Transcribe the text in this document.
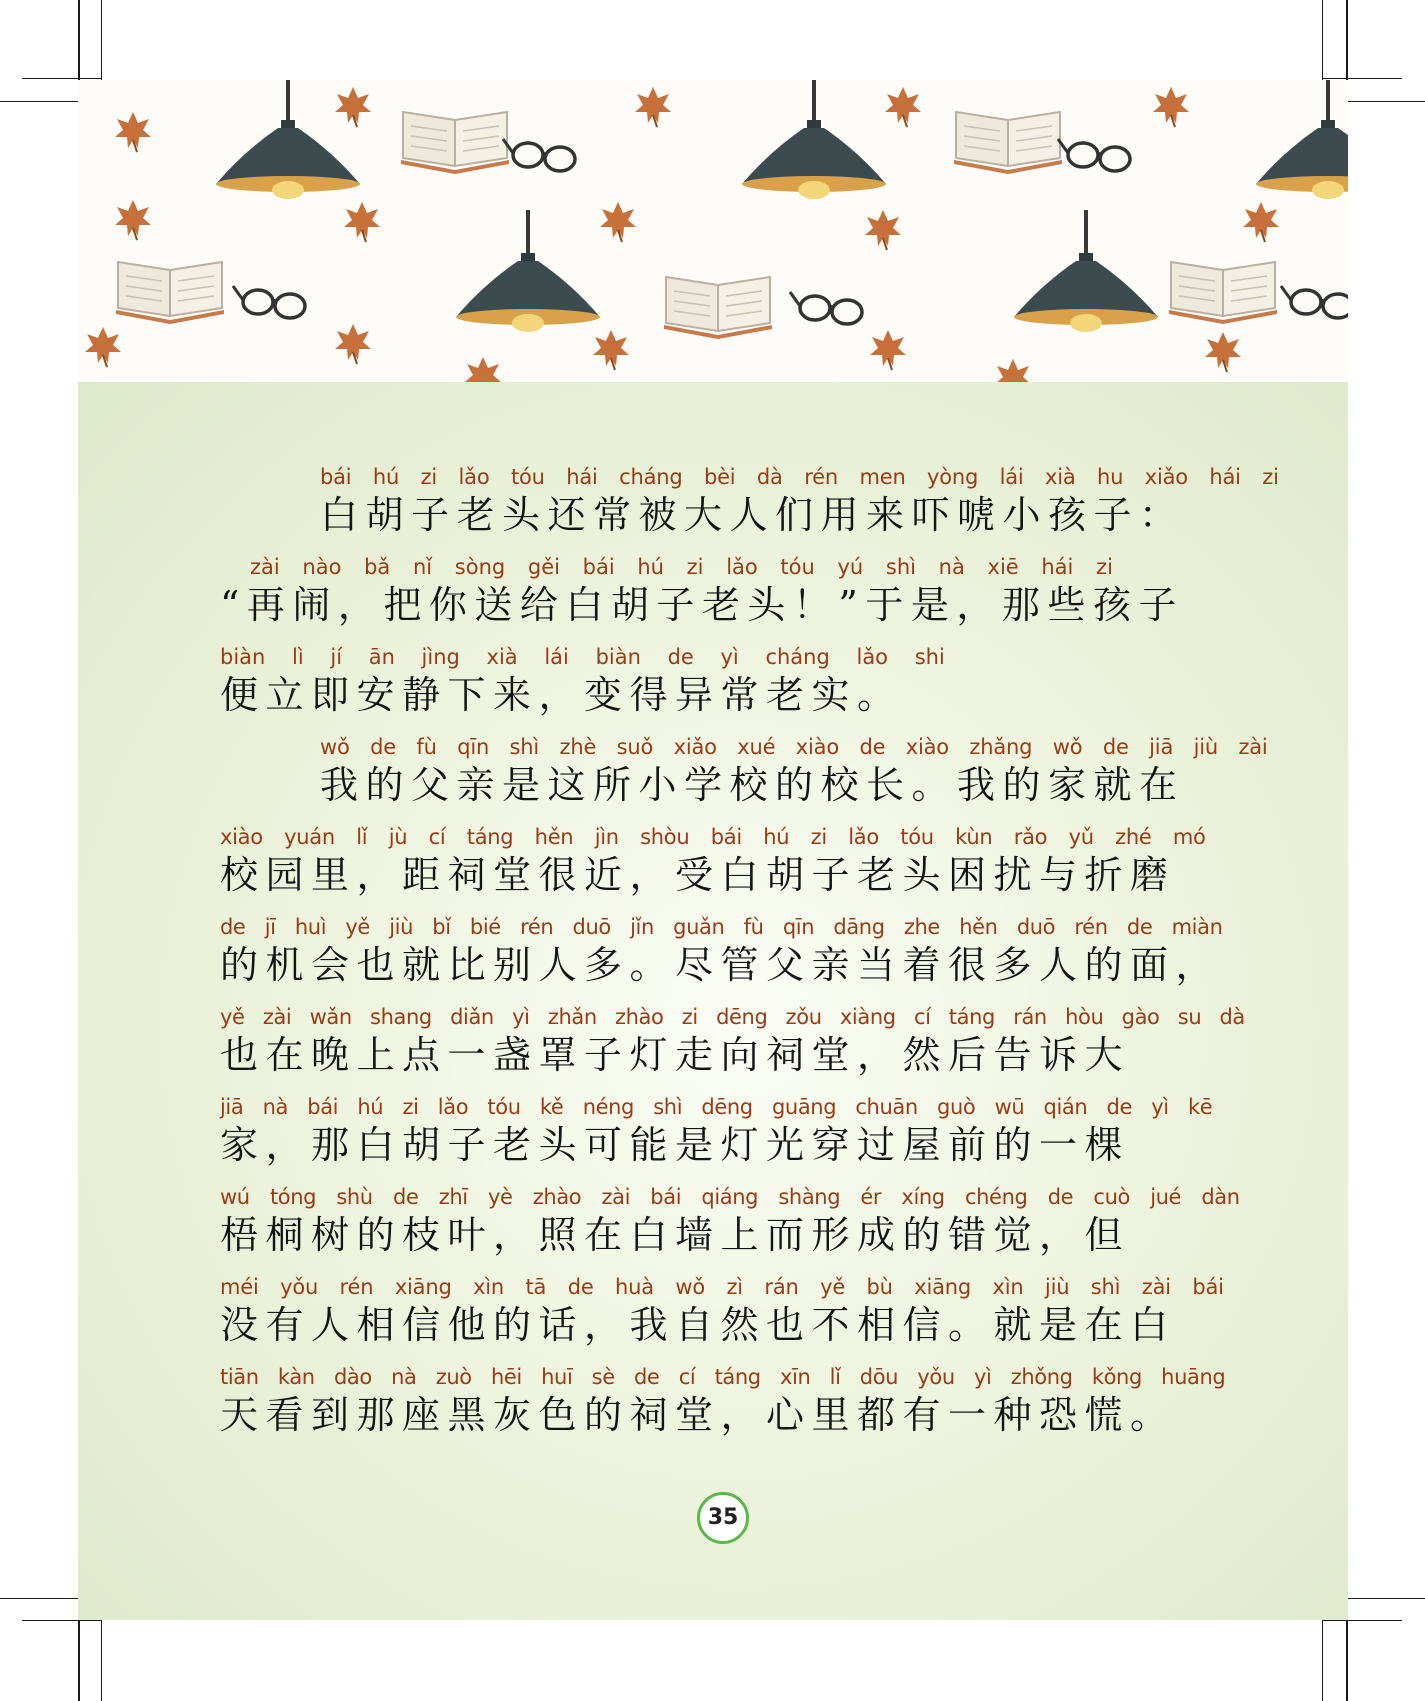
bái hú zi lǎo tóu hái cháng bèi dà rén men yòng lái xià hu xiǎo hái zi
白胡子老头还常被大人们用来吓唬小孩子：
zài nào bǎ nǐ sòng gěi bái hú zi lǎo tóu yú shì nà xiē hái zi
“再闹，把你送给白胡子老头！”于是，那些孩子
biàn lì jí ān jìng xià lái biàn de yì cháng lǎo shi
便立即安静下来，变得异常老实。
wǒ de fù qīn shì zhè suǒ xiǎo xué xiào de xiào zhǎng wǒ de jiā jiù zài
我的父亲是这所小学校的校长。我的家就在
xiào yuán lǐ jù cí táng hěn jìn shòu bái hú zi lǎo tóu kùn rǎo yǔ zhé mó
校园里，距祠堂很近，受白胡子老头困扰与折磨
de jī huì yě jiù bǐ bié rén duō jǐn guǎn fù qīn dāng zhe hěn duō rén de miàn
的机会也就比别人多。尽管父亲当着很多人的面，
yě zài wǎn shang diǎn yì zhǎn zhào zi dēng zǒu xiàng cí táng rán hòu gào su dà
也在晚上点一盏罩子灯走向祠堂，然后告诉大
jiā nà bái hú zi lǎo tóu kě néng shì dēng guāng chuān guò wū qián de yì kē
家，那白胡子老头可能是灯光穿过屋前的一棵
wú tóng shù de zhī yè zhào zài bái qiáng shàng ér xíng chéng de cuò jué dàn
梧桐树的枝叶，照在白墙上而形成的错觉，但
méi yǒu rén xiāng xìn tā de huà wǒ zì rán yě bù xiāng xìn jiù shì zài bái
没有人相信他的话，我自然也不相信。就是在白
tiān kàn dào nà zuò hēi huī sè de cí táng xīn lǐ dōu yǒu yì zhǒng kǒng huāng
天看到那座黑灰色的祠堂，心里都有一种恐慌。
35
